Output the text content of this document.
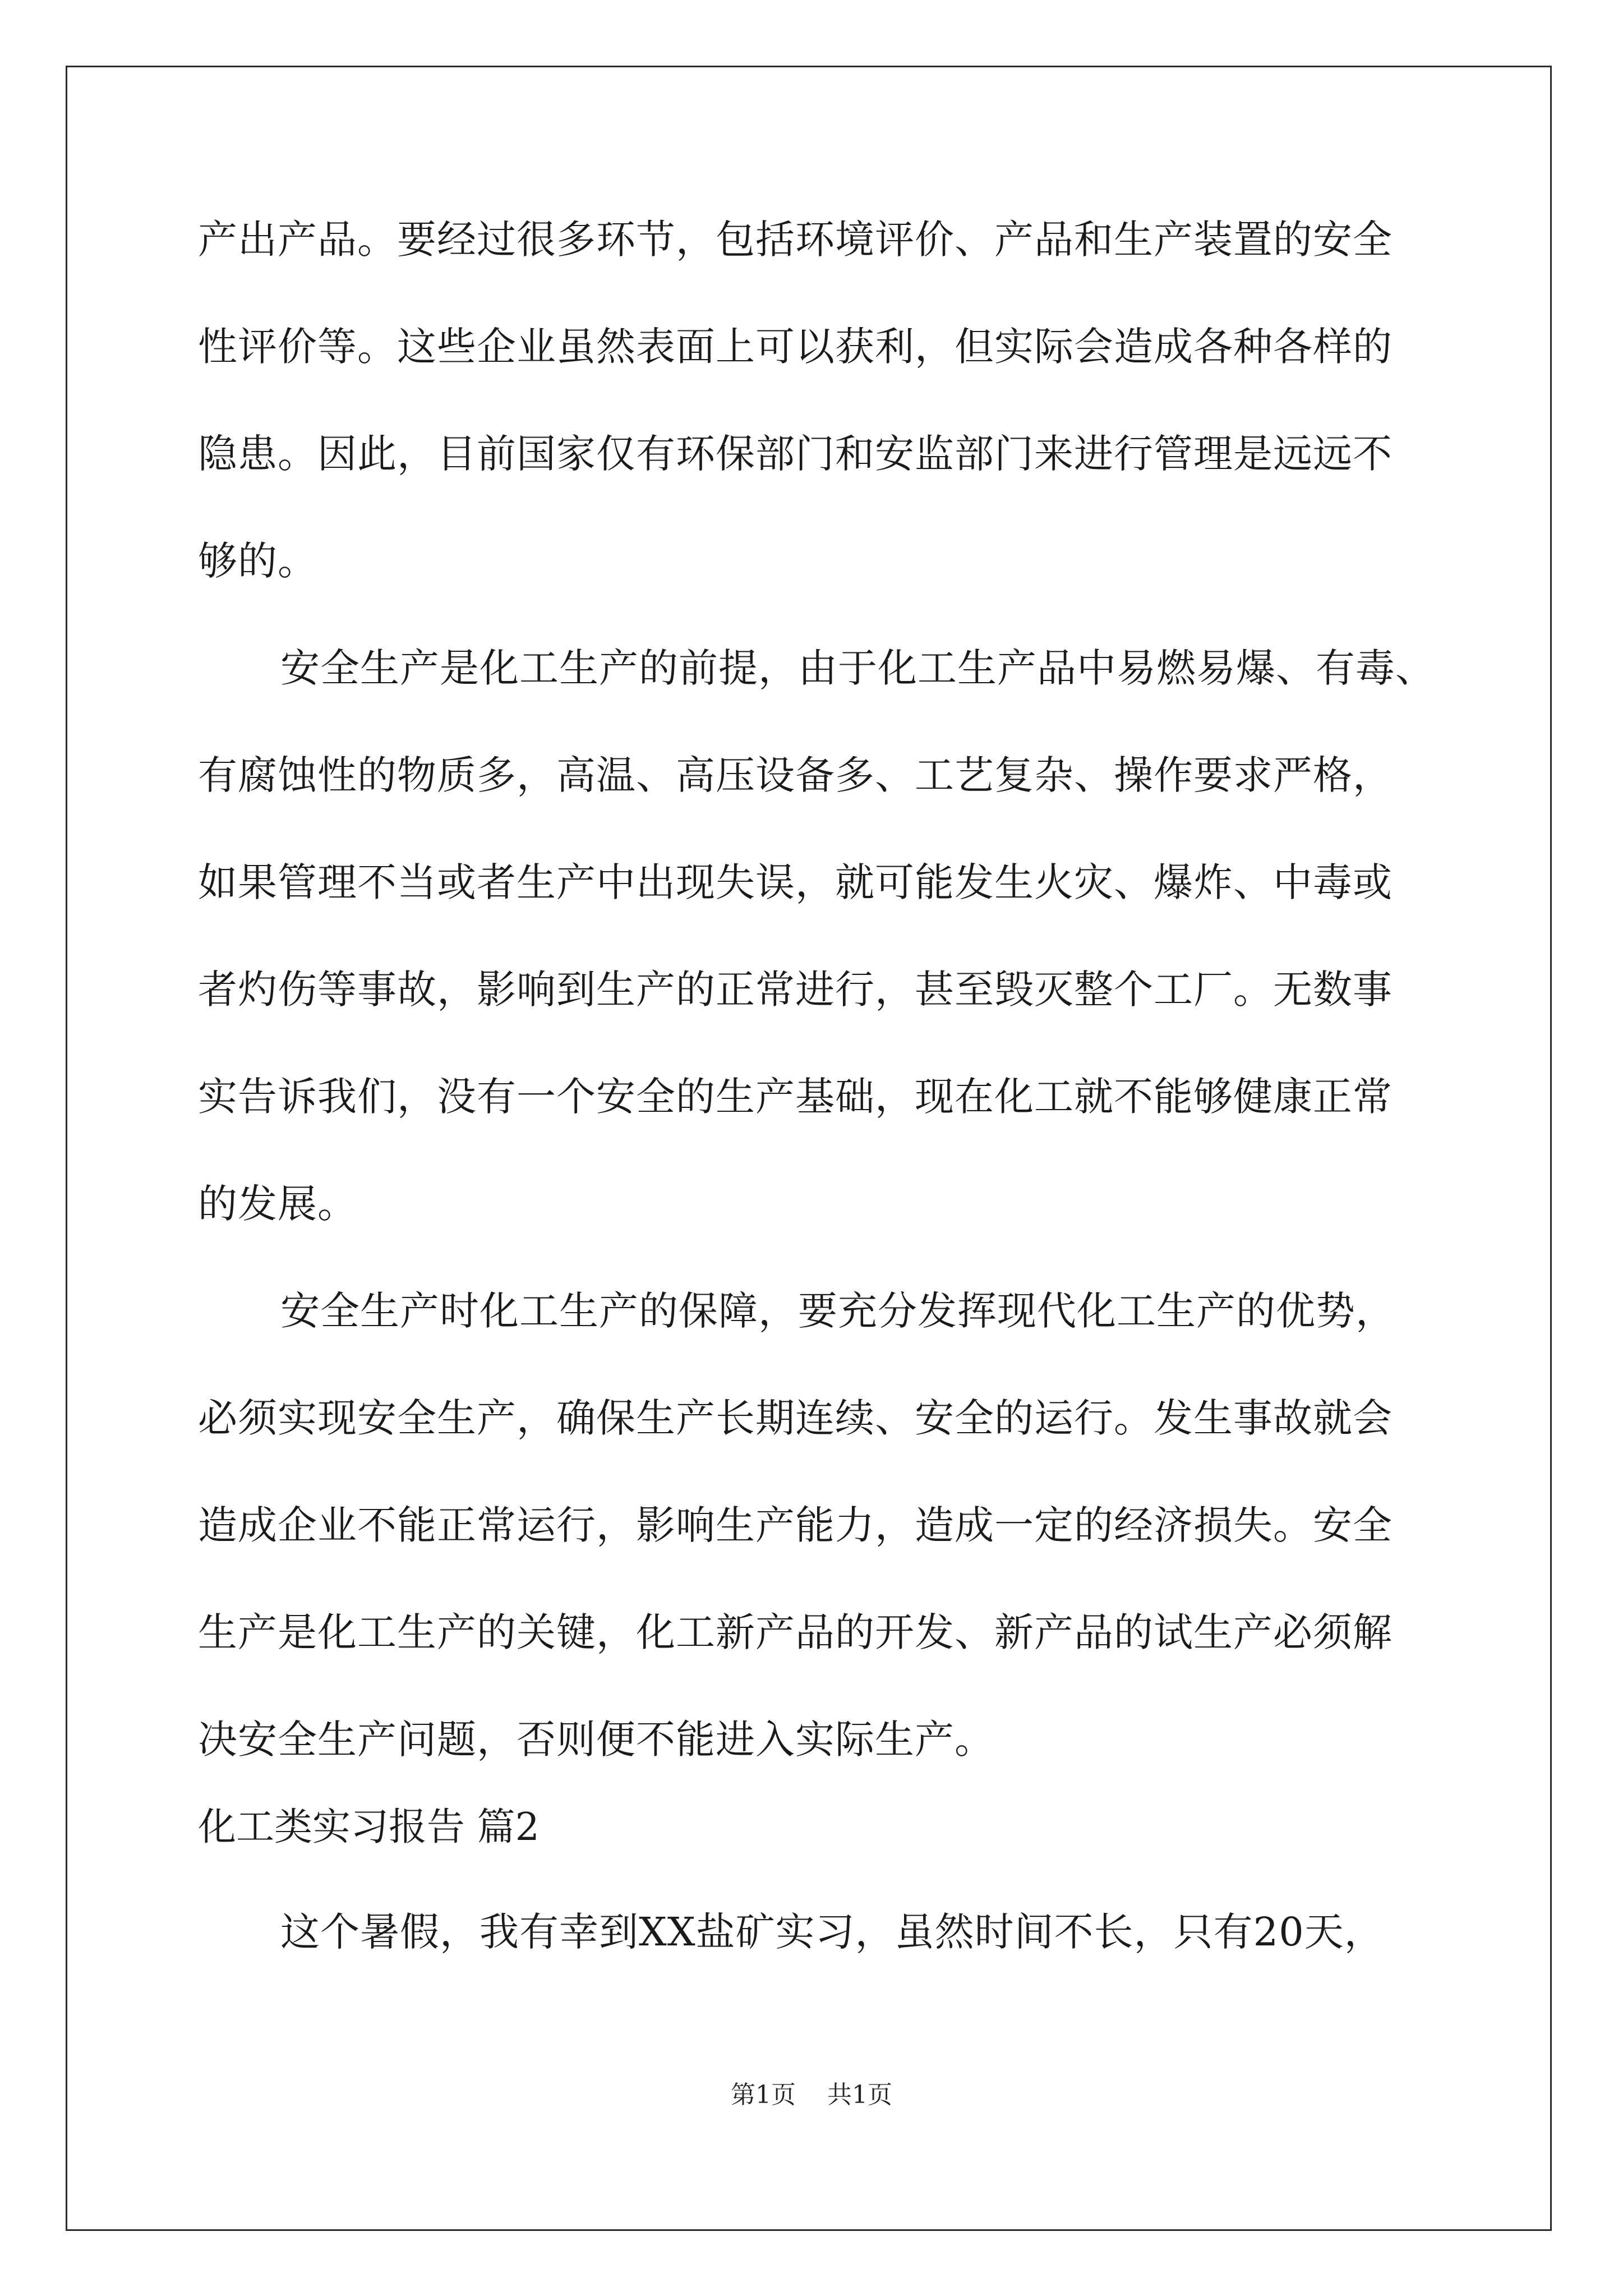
产出产品。要经过很多环节，包括环境评价、产品和生产装置的安全
性评价等。这些企业虽然表面上可以获利，但实际会造成各种各样的
隐患。因此，目前国家仅有环保部门和安监部门来进行管理是远远不
够的。
安全生产是化工生产的前提，由于化工生产品中易燃易爆、有毒、
有腐蚀性的物质多，高温、高压设备多、工艺复杂、操作要求严格，
如果管理不当或者生产中出现失误，就可能发生火灾、爆炸、中毒或
者灼伤等事故，影响到生产的正常进行，甚至毁灭整个工厂。无数事
实告诉我们，没有一个安全的生产基础，现在化工就不能够健康正常
的发展。
安全生产时化工生产的保障，要充分发挥现代化工生产的优势，
必须实现安全生产，确保生产长期连续、安全的运行。发生事故就会
造成企业不能正常运行，影响生产能力，造成一定的经济损失。安全
生产是化工生产的关键，化工新产品的开发、新产品的试生产必须解
决安全生产问题，否则便不能进入实际生产。
化工类实习报告 篇2
这个暑假，我有幸到XX盐矿实习，虽然时间不长，只有20天，
第1页 共1页
